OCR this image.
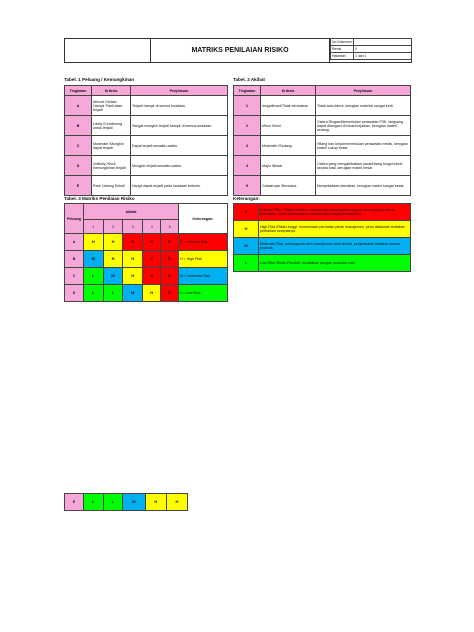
MATRIKS PENILAIAN RISIKO
No Dokumen	
Revisi	0
Halaman	1 dari 1
Tabel. 1 Peluang / Kemungkinan
Tingkatan	Kriteria	Penjelasan
A	Almost Certain Hampir Pasti akan terjadi	Terjadi hampir di semua keadaan.
B	Likely /Cenderung untuk terjadi	Sangat mungkin terjadi hampir di semua keadaan.
C	Moderate /Mungkin dapat terjadi	Dapat terjadi sewaktu-waktu.
D	Unlikely /Kecil Kemungkinan terjadi	Mungkin terjadi sewaktu-waktu.
E	Rare /Jarang Sekali	Hanya dapat terjadi pada keadaan tertentu.
Tabel. 2 Akibat
Tingkatan	Kriteria	Penjelasan
1	Insignificant/Tidak bermakna	Tidak ada cidera, kerugian material sangat kecil.
2	Minor /Kecil	Cidera Ringan/Memerlukan perawatan P3K, langsung dapat ditangani di lokasi kejadian, kerugian materi sedang.
3	Moderate /Sedang	Hilang hari kerja/memerlukan perawatan medis, kerugian materi cukup besar.
4	Major /Besar	Cidera yang mengakibatkan cacat/hilang fungsi tubuh secara total, kerugian materi besar
5	Catastropic /Bencana	Menyebabkan kematian, kerugian materi sangat besar
Tabel. 3 Matriks Penilaian Risiko
Peluang	Akibat					Keterangan:
	1	2	3	4	5	
A	H	H	E	E	E	E = Extreme Risk
B	M	H	H	E	E	H = High Risk
C	L	M	H	E	E	M = Moderate Risk
D	L	L	M	H	E	L = Low Risk
Keterangan:
E	Extreme Risk / Risiko Ekstrim, memerlukan penanganan segera atau kegiatan harus dihentikan / tidak dilaksanakan sampai risiko dapat diminimalisir.
H	High Risk /Risiko tinggi, memerlukan perhatian pihak manajemen, perlu dilakukan tindakan perbaikan secepatnya
M	Moderate Risk, penanganan oleh manajemen area terkait, penjadwalan tindakan sesuai prioritas
L	Low Risk /Risiko Rendah, kendalikan dengan prosedur rutin
E	L	L	M	H	H
